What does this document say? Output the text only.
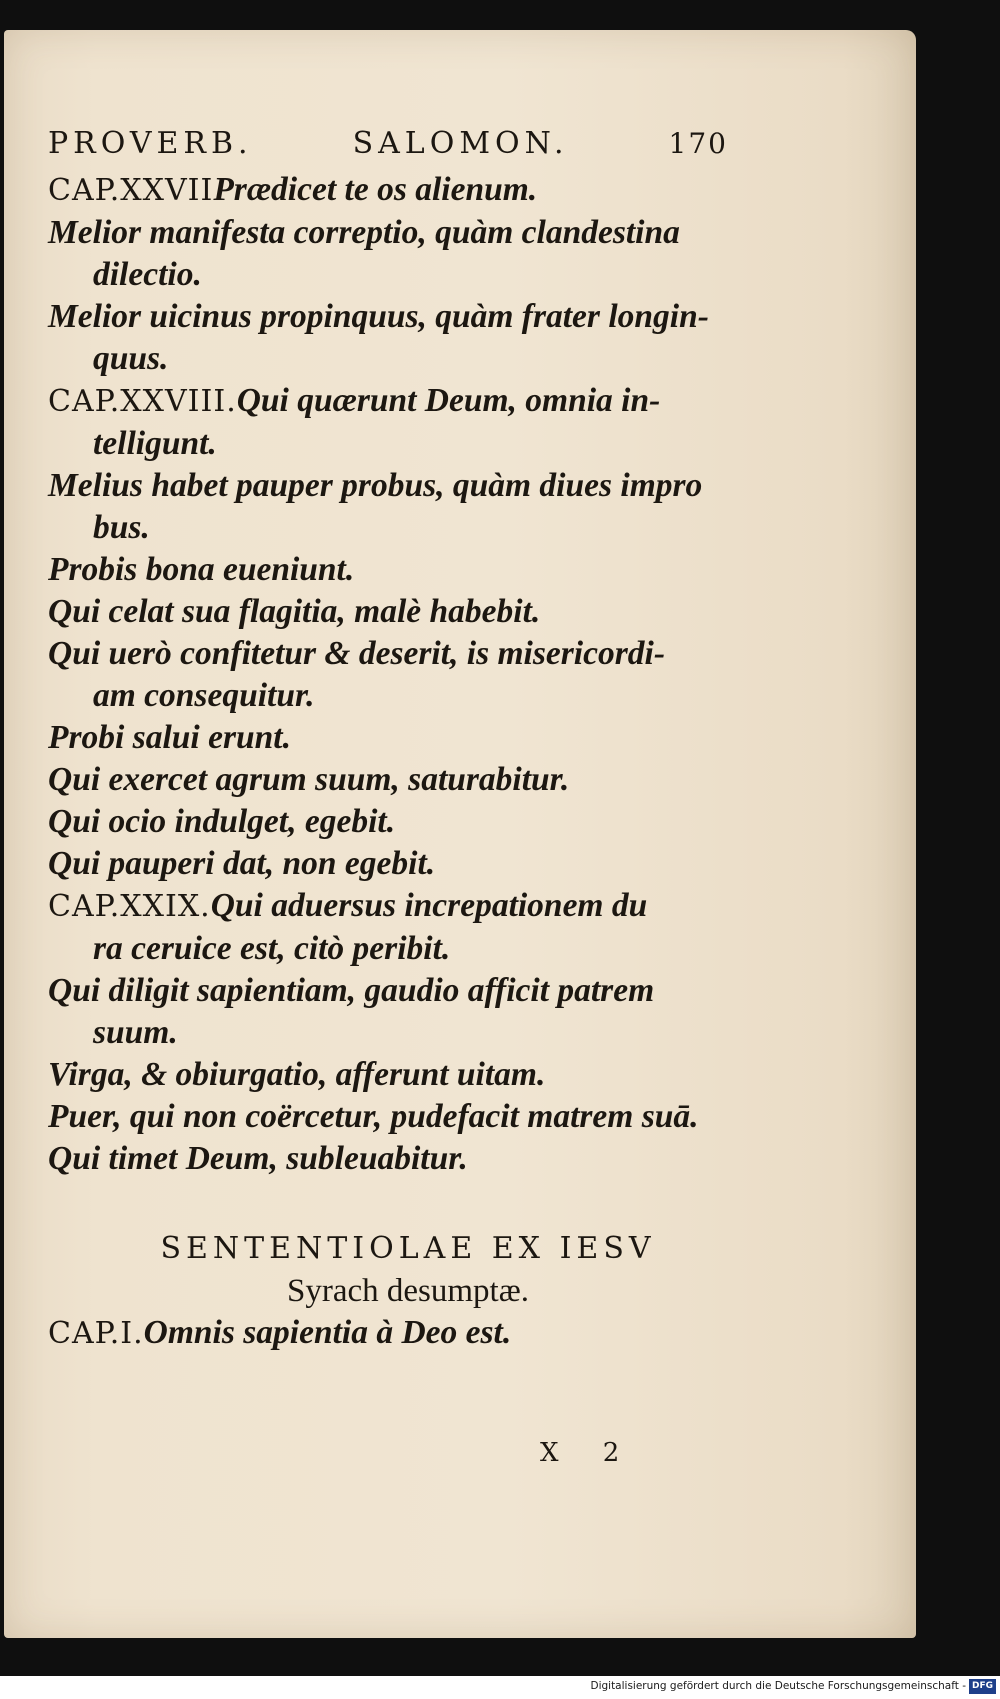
PROVERB.	SALOMON.	170
CAP.XXVIIPrædicet te os alienum.
Melior manifesta correptio, quàm clandestina
dilectio.
Melior uicinus propinquus, quàm frater longin-
quus.
CAP.XXVIII.Qui quærunt Deum, omnia in-
telligunt.
Melius habet pauper probus, quàm diues impro
bus.
Probis bona eueniunt.
Qui celat sua flagitia, malè habebit.
Qui uerò confitetur & deserit, is misericordi-
am consequitur.
Probi salui erunt.
Qui exercet agrum suum, saturabitur.
Qui ocio indulget, egebit.
Qui pauperi dat, non egebit.
CAP.XXIX.Qui aduersus increpationem du
ra ceruice est, citò peribit.
Qui diligit sapientiam, gaudio afficit patrem
suum.
Virga, & obiurgatio, afferunt uitam.
Puer, qui non coërcetur, pudefacit matrem suā.
Qui timet Deum, subleuabitur.
SENTENTIOLAE EX IESV
Syrach desumptæ.
CAP.I.Omnis sapientia à Deo est.
X 2
Digitalisierung gefördert durch die Deutsche Forschungsgemeinschaft - DFG
